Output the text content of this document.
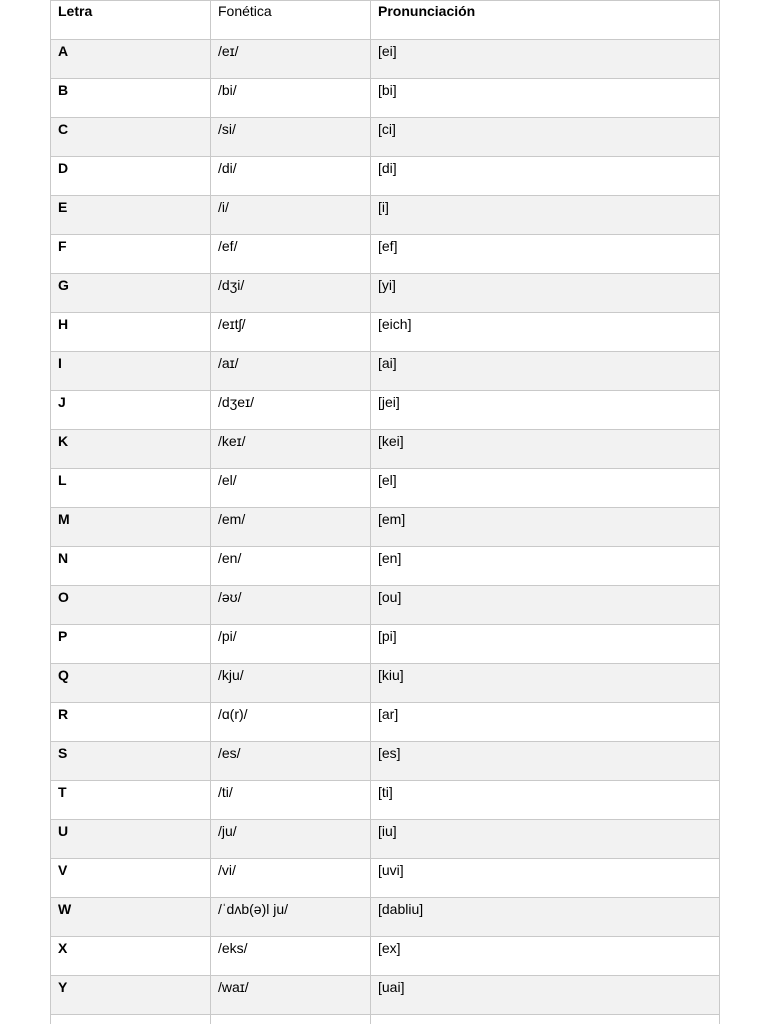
Letra	Fonética	Pronunciación
A	/eɪ/	[ei]
B	/bi/	[bi]
C	/si/	[ci]
D	/di/	[di]
E	/i/	[i]
F	/ef/	[ef]
G	/dʒi/	[yi]
H	/eɪtʃ/	[eich]
I	/aɪ/	[ai]
J	/dʒeɪ/	[jei]
K	/keɪ/	[kei]
L	/el/	[el]
M	/em/	[em]
N	/en/	[en]
O	/əʊ/	[ou]
P	/pi/	[pi]
Q	/kju/	[kiu]
R	/ɑ(r)/	[ar]
S	/es/	[es]
T	/ti/	[ti]
U	/ju/	[iu]
V	/vi/	[uvi]
W	/ˈdʌb(ə)l ju/	[dabliu]
X	/eks/	[ex]
Y	/waɪ/	[uai]
